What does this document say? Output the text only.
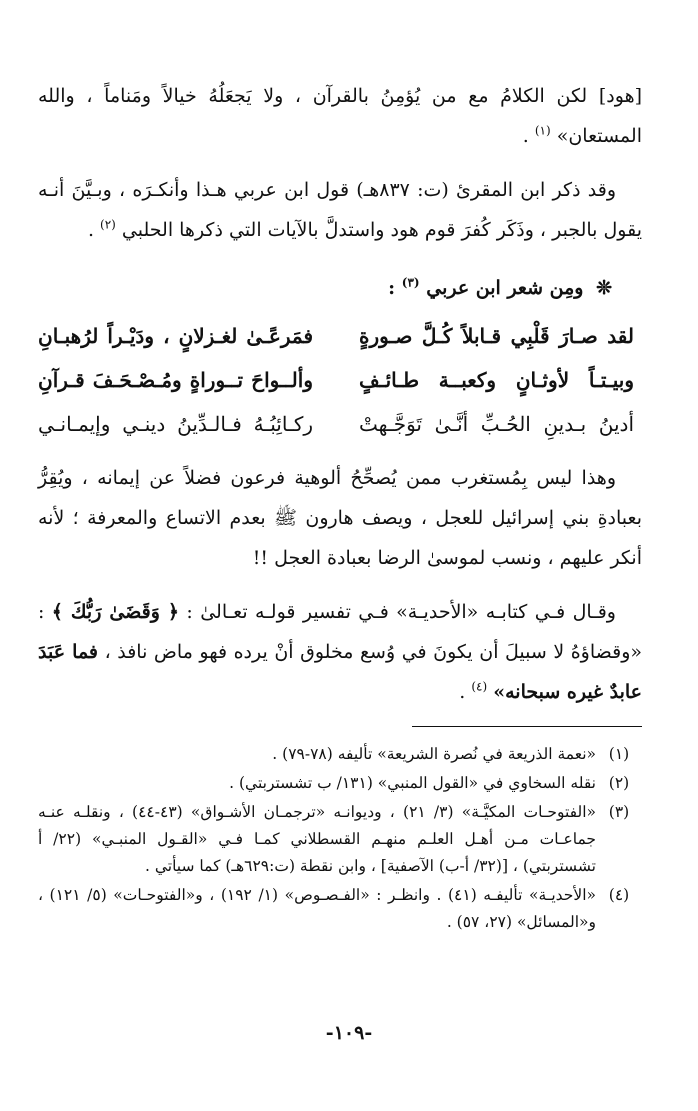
[هود] لكن الكلامُ مع من يُؤمِنُ بالقرآن ، ولا يَجعَلُهُ خيالاً ومَناماً ، والله المستعان» $^{(١)}$ .

وقد ذكر ابن المقرئ (ت: ٨٣٧هـ) قول ابن عربي هـذا وأنكـرَه ، وبـيَّنَ أنـه يقول بالجبر ، وذَكَر كُفرَ قوم هود واستدلَّ بالآيات التي ذكرها الحلبي $^{(٢)}$ .

❊ ومِن شعر ابن عربي $^{(٣)}$ :
لقد صـارَ قَلْبِي قـابلاً كُـلَّ صـورةٍ
فمَرعًـىٰ لغـزلانٍ ، ودَيْـراً لرُهبـانِ
وبيـتـاً لأوثـانٍ وكعبــة طـائـفٍ
وألــواحَ تــوراةٍ ومُـصْـحَـفَ قـرآنِ
أدينُ بـدينِ الحُـبِّ أنَّـىٰ تَوَجَّـهتْ
ركـائِبُـهُ فـالـدِّينُ دينـي وإيمـانـي

وهذا ليس بِمُستغرب ممن يُصحِّحُ ألوهية فرعون فضلاً عن إيمانه ، ويُقِرُّ بعبادةِ بني إسرائيل للعجل ، ويصف هارون ﷺ بعدم الاتساع والمعرفة ؛ لأنه أنكر عليهم ، ونسب لموسىٰ الرضا بعبادة العجل !!

وقـال فـي كتابـه «الأحديـة» فـي تفسير قولـه تعـالىٰ : ﴿ وَقَضَىٰ رَبُّكَ ﴾ : «وقضاؤهُ لا سبيلَ أن يكونَ في وُسع مخلوق أنْ يرده فهو ماض نافذ ، فما عَبَدَ عابدٌ غيره سبحانه» $^{(٤)}$ .

(١)
«نعمة الذريعة في نُصرة الشريعة» تأليفه (٧٨-٧٩) .
(٢)
نقله السخاوي في «القول المنبي» (١٣١/ ب تشستربتي) .
(٣)
«الفتوحـات المكيَّـة» (٣/ ٢١) ، وديوانـه «ترجمـان الأشـواق» (٤٣-٤٤) ، ونقلـه عنـه جماعـات مـن أهـل العلـم منهـم القسطلاني كمـا فـي «القـول المنبـي» (٢٢/ أ تشستربتي) ، [(٣٢/ أ-ب) الآصفية] ، وابن نقطة (ت:٦٢٩هـ) كما سيأتي .
(٤)
«الأحديـة» تأليفـه (٤١) . وانظـر : «الفـصـوص» (١/ ١٩٢) ، و«الفتوحـات» (٥/ ١٢١) ، و«المسائل» (٢٧، ٥٧) .
-١٠٩-
